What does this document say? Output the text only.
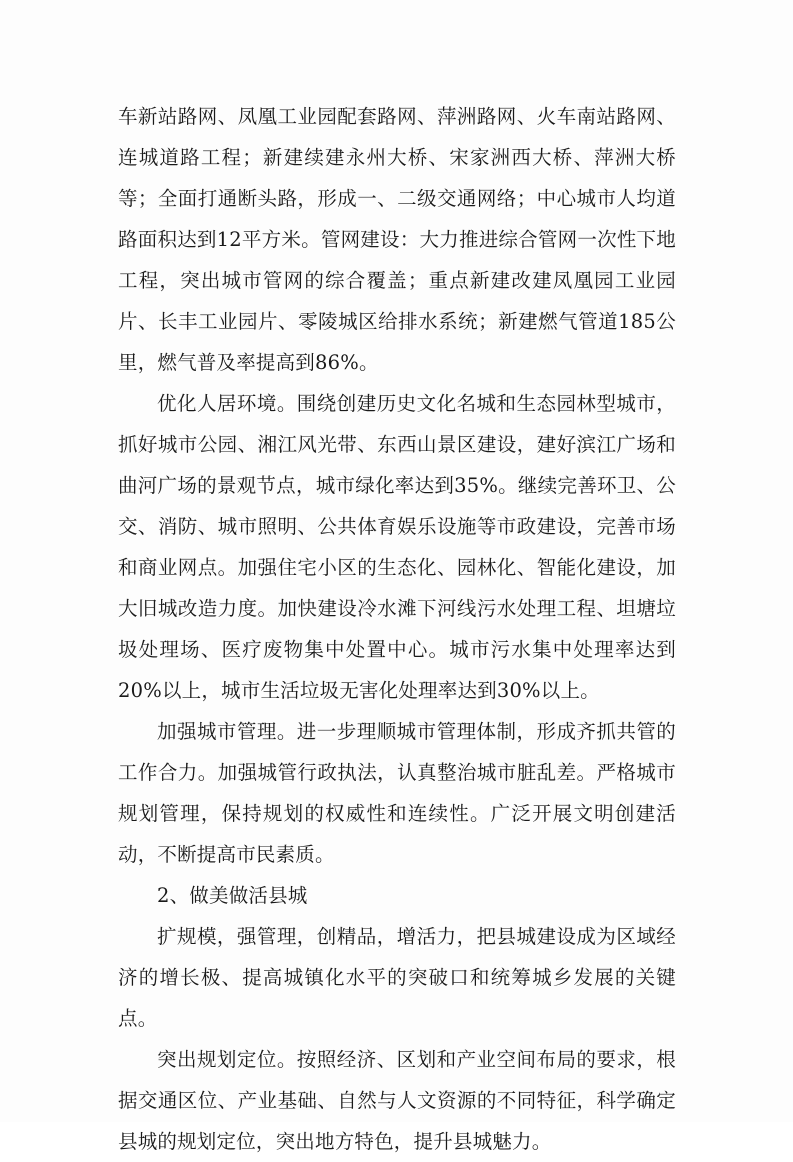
车新站路网、凤凰工业园配套路网、萍洲路网、火车南站路网、连城道路工程；新建续建永州大桥、宋家洲西大桥、萍洲大桥等；全面打通断头路，形成一、二级交通网络；中心城市人均道路面积达到12平方米。管网建设：大力推进综合管网一次性下地工程，突出城市管网的综合覆盖；重点新建改建凤凰园工业园片、长丰工业园片、零陵城区给排水系统；新建燃气管道185公里，燃气普及率提高到86%。

优化人居环境。围绕创建历史文化名城和生态园林型城市，抓好城市公园、湘江风光带、东西山景区建设，建好滨江广场和曲河广场的景观节点，城市绿化率达到35%。继续完善环卫、公交、消防、城市照明、公共体育娱乐设施等市政建设，完善市场和商业网点。加强住宅小区的生态化、园林化、智能化建设，加大旧城改造力度。加快建设冷水滩下河线污水处理工程、坦塘垃圾处理场、医疗废物集中处置中心。城市污水集中处理率达到20%以上，城市生活垃圾无害化处理率达到30%以上。

加强城市管理。进一步理顺城市管理体制，形成齐抓共管的工作合力。加强城管行政执法，认真整治城市脏乱差。严格城市规划管理，保持规划的权威性和连续性。广泛开展文明创建活动，不断提高市民素质。

2、做美做活县城

扩规模，强管理，创精品，增活力，把县城建设成为区域经济的增长极、提高城镇化水平的突破口和统筹城乡发展的关键点。

突出规划定位。按照经济、区划和产业空间布局的要求，根据交通区位、产业基础、自然与人文资源的不同特征，科学确定县城的规划定位，突出地方特色，提升县城魅力。
